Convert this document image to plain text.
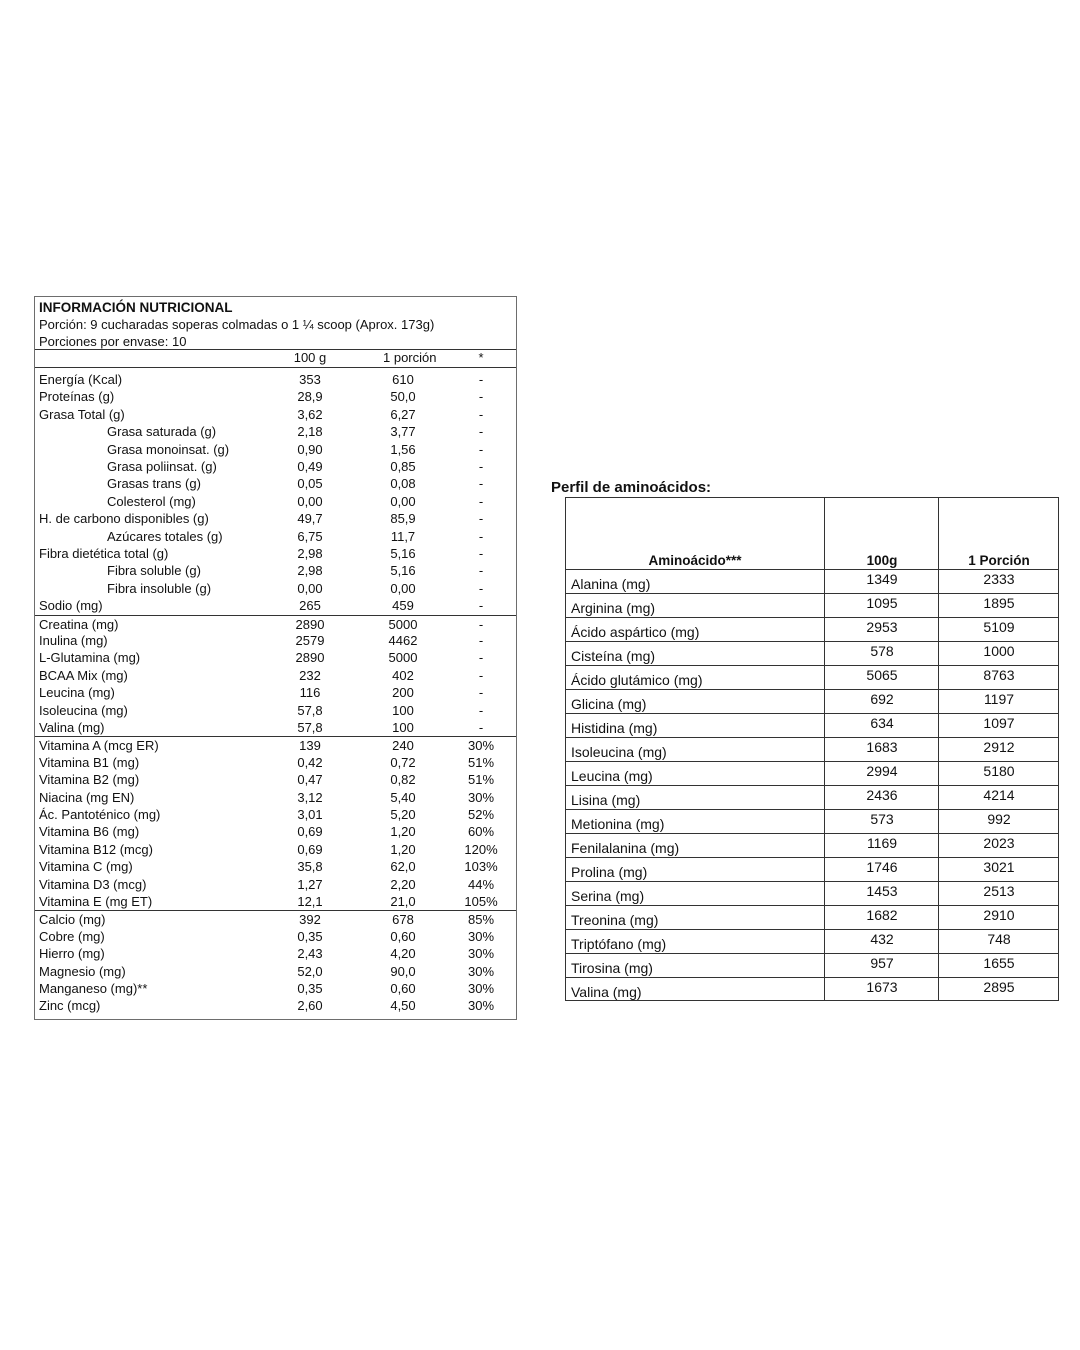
INFORMACIÓN NUTRICIONAL
Porción: 9 cucharadas soperas colmadas o 1 ¼ scoop (Aprox. 173g)
Porciones por envase: 10
100 g	1 porción	*
Energía (Kcal)	353	610	-
Proteínas (g)	28,9	50,0	-
Grasa Total (g)	3,62	6,27	-
Grasa saturada (g)	2,18	3,77	-
Grasa monoinsat. (g)	0,90	1,56	-
Grasa poliinsat. (g)	0,49	0,85	-
Grasas trans (g)	0,05	0,08	-
Colesterol (mg)	0,00	0,00	-
H. de carbono disponibles (g)	49,7	85,9	-
Azúcares totales (g)	6,75	11,7	-
Fibra dietética total (g)	2,98	5,16	-
Fibra soluble (g)	2,98	5,16	-
Fibra insoluble (g)	0,00	0,00	-
Sodio (mg)	265	459	-
Creatina (mg)	2890	5000	-
Inulina (mg)	2579	4462	-
L-Glutamina (mg)	2890	5000	-
BCAA Mix (mg)	232	402	-
Leucina (mg)	116	200	-
Isoleucina (mg)	57,8	100	-
Valina (mg)	57,8	100	-
Vitamina A (mcg ER)	139	240	30%
Vitamina B1 (mg)	0,42	0,72	51%
Vitamina B2 (mg)	0,47	0,82	51%
Niacina (mg EN)	3,12	5,40	30%
Ác. Pantoténico (mg)	3,01	5,20	52%
Vitamina B6 (mg)	0,69	1,20	60%
Vitamina B12 (mcg)	0,69	1,20	120%
Vitamina C (mg)	35,8	62,0	103%
Vitamina D3 (mcg)	1,27	2,20	44%
Vitamina E (mg ET)	12,1	21,0	105%
Calcio (mg)	392	678	85%
Cobre (mg)	0,35	0,60	30%
Hierro (mg)	2,43	4,20	30%
Magnesio (mg)	52,0	90,0	30%
Manganeso (mg)**	0,35	0,60	30%
Zinc (mcg)	2,60	4,50	30%
Perfil de aminoácidos:
Aminoácido***	100g	1 Porción
Alanina (mg)	1349	2333
Arginina (mg)	1095	1895
Ácido aspártico (mg)	2953	5109
Cisteína (mg)	578	1000
Ácido glutámico (mg)	5065	8763
Glicina (mg)	692	1197
Histidina (mg)	634	1097
Isoleucina (mg)	1683	2912
Leucina (mg)	2994	5180
Lisina (mg)	2436	4214
Metionina (mg)	573	992
Fenilalanina (mg)	1169	2023
Prolina (mg)	1746	3021
Serina (mg)	1453	2513
Treonina (mg)	1682	2910
Triptófano (mg)	432	748
Tirosina (mg)	957	1655
Valina (mg)	1673	2895
